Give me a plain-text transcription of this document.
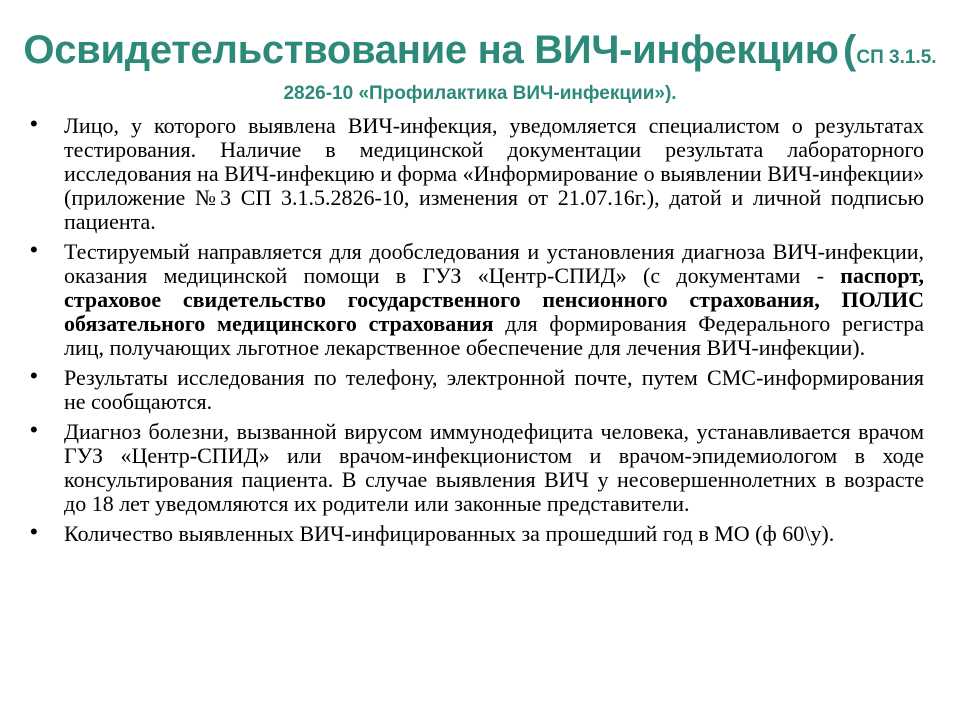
Освидетельствование на ВИЧ-инфекцию (СП 3.1.5.
2826-10 «Профилактика ВИЧ-инфекции»).
• Лицо, у которого выявлена ВИЧ-инфекция, уведомляется специалистом о результатах тестирования. Наличие в медицинской документации результата лабораторного исследования на ВИЧ-инфекцию и форма «Информирование о выявлении ВИЧ-инфекции» (приложение №3 СП 3.1.5.2826-10, изменения от 21.07.16г.), датой и личной подписью пациента.
• Тестируемый направляется для дообследования и установления диагноза ВИЧ-инфекции, оказания медицинской помощи в ГУЗ «Центр-СПИД» (с документами - паспорт, страховое свидетельство государственного пенсионного страхования, ПОЛИС обязательного медицинского страхования для формирования Федерального регистра лиц, получающих льготное лекарственное обеспечение для лечения ВИЧ-инфекции).
• Результаты исследования по телефону, электронной почте, путем СМС-информирования не сообщаются.
• Диагноз болезни, вызванной вирусом иммунодефицита человека, устанавливается врачом ГУЗ «Центр-СПИД» или врачом-инфекционистом и врачом-эпидемиологом в ходе консультирования пациента. В случае выявления ВИЧ у несовершеннолетних в возрасте до 18 лет уведомляются их родители или законные представители.
• Количество выявленных ВИЧ-инфицированных за прошедший год в МО (ф 60\у).
